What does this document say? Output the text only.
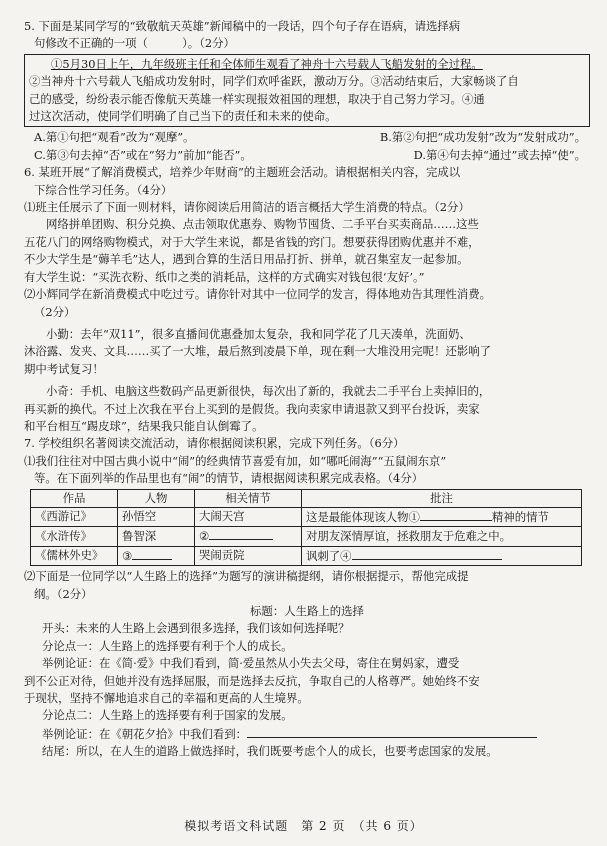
5. 下面是某同学写的“致敬航天英雄”新闻稿中的一段话，四个句子存在语病，请选择病

句修改不正确的一项（　　　）。（2分）

①5月30日上午，九年级班主任和全体师生观看了神舟十六号载人飞船发射的全过程。

②当神舟十六号载人飞船成功发射时，同学们欢呼雀跃，激动万分。③活动结束后，大家畅谈了自

己的感受，纷纷表示能否像航天英雄一样实现报效祖国的理想，取决于自己努力学习。④通

过这次活动，使同学们明确了自己当下的责任和未来的使命。

A.第①句把“观看”改为“观摩”。	B.第②句把“成功发射”改为“发射成功”。
C.第③句去掉“否”或在“努力”前加“能否”。	D.第④句去掉“通过”或去掉“使”。

6. 某班开展“了解消费模式，培养少年财商”的主题班会活动。请根据相关内容，完成以

下综合性学习任务。（4分）

⑴班主任展示了下面一则材料，请你阅读后用简洁的语言概括大学生消费的特点。（2分）

网络拼单团购、积分兑换、点击领取优惠券、购物节囤货、二手平台买卖商品……这些

五花八门的网络购物模式，对于大学生来说，都是省钱的窍门。想要获得团购优惠并不难，

不少大学生是“薅羊毛”达人，遇到合算的生活日用品打折、拼单，就召集室友一起参加。

有大学生说：“买洗衣粉、纸巾之类的消耗品，这样的方式确实对钱包很‘友好’。”

⑵小辉同学在新消费模式中吃过亏。请你针对其中一位同学的发言，得体地劝告其理性消费。

（2分）

小勤：去年“双11”，很多直播间优惠叠加太复杂，我和同学花了几天凑单，洗面奶、

沐浴露、发夹、文具……买了一大堆，最后熬到凌晨下单，现在剩一大堆没用完呢！还影响了

期中考试复习！

小奇：手机、电脑这些数码产品更新很快，每次出了新的，我就去二手平台上卖掉旧的，

再买新的换代。不过上次我在平台上买到的是假货。我向卖家申请退款又到平台投诉，卖家

和平台相互“踢皮球”，结果我只能自认倒霉了。

7. 学校组织名著阅读交流活动，请你根据阅读积累，完成下列任务。（6分）

⑴我们往往对中国古典小说中“闹”的经典情节喜爱有加，如“哪吒闹海”“五鼠闹东京”

等。在下面列举的作品里也有“闹”的情节，请根据阅读积累完成表格。（4分）

作品	人物	相关情节	批注
《西游记》	孙悟空	大闹天宫	这是最能体现该人物① 精神的情节
《水浒传》	鲁智深	②	对朋友深情厚谊，拯救朋友于危难之中。
《儒林外史》	③	哭闹贡院	讽刺了④

⑵下面是一位同学以“人生路上的选择”为题写的演讲稿提纲，请你根据提示，帮他完成提

纲。（2分）

标题：人生路上的选择

开头：未来的人生路上会遇到很多选择，我们该如何选择呢？

分论点一：人生路上的选择要有利于个人的成长。

举例论证：在《简·爱》中我们看到，简·爱虽然从小失去父母，寄住在舅妈家，遭受

到不公正对待，但她并没有选择屈服，而是选择去反抗，争取自己的人格尊严。她始终不安

于现状，坚持不懈地追求自己的幸福和更高的人生境界。

分论点二：人生路上的选择要有利于国家的发展。

举例论证：在《朝花夕拾》中我们看到：

结尾：所以，在人生的道路上做选择时，我们既要考虑个人的成长，也要考虑国家的发展。

模拟考语文科试题　第 2 页　（共 6 页）
